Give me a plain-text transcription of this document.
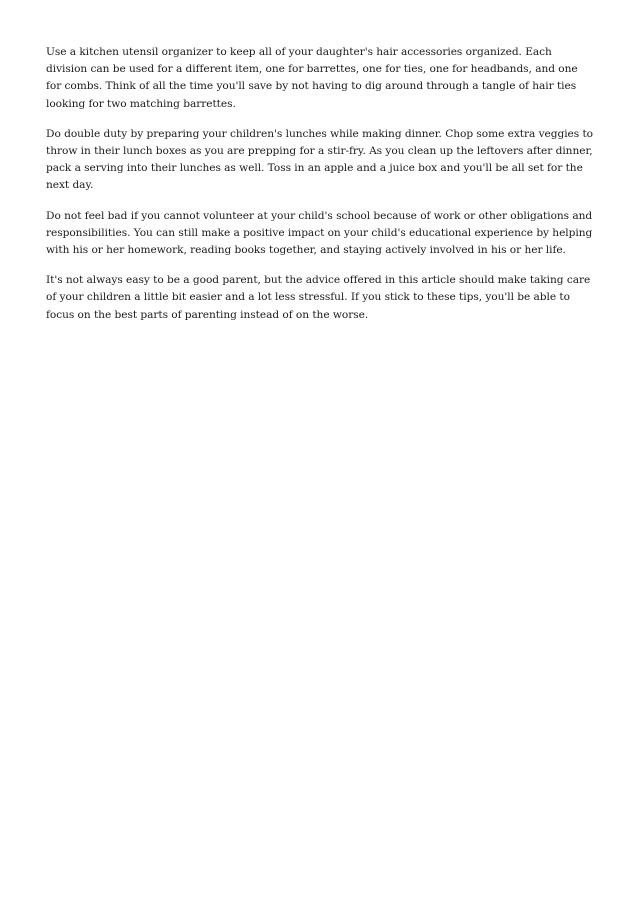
Use a kitchen utensil organizer to keep all of your daughter's hair accessories organized. Each division can be used for a different item, one for barrettes, one for ties, one for headbands, and one for combs. Think of all the time you'll save by not having to dig around through a tangle of hair ties looking for two matching barrettes.

Do double duty by preparing your children's lunches while making dinner. Chop some extra veggies to throw in their lunch boxes as you are prepping for a stir-fry. As you clean up the leftovers after dinner, pack a serving into their lunches as well. Toss in an apple and a juice box and you'll be all set for the next day.

Do not feel bad if you cannot volunteer at your child's school because of work or other obligations and responsibilities. You can still make a positive impact on your child's educational experience by helping with his or her homework, reading books together, and staying actively involved in his or her life.

It's not always easy to be a good parent, but the advice offered in this article should make taking care of your children a little bit easier and a lot less stressful. If you stick to these tips, you'll be able to focus on the best parts of parenting instead of on the worse.
